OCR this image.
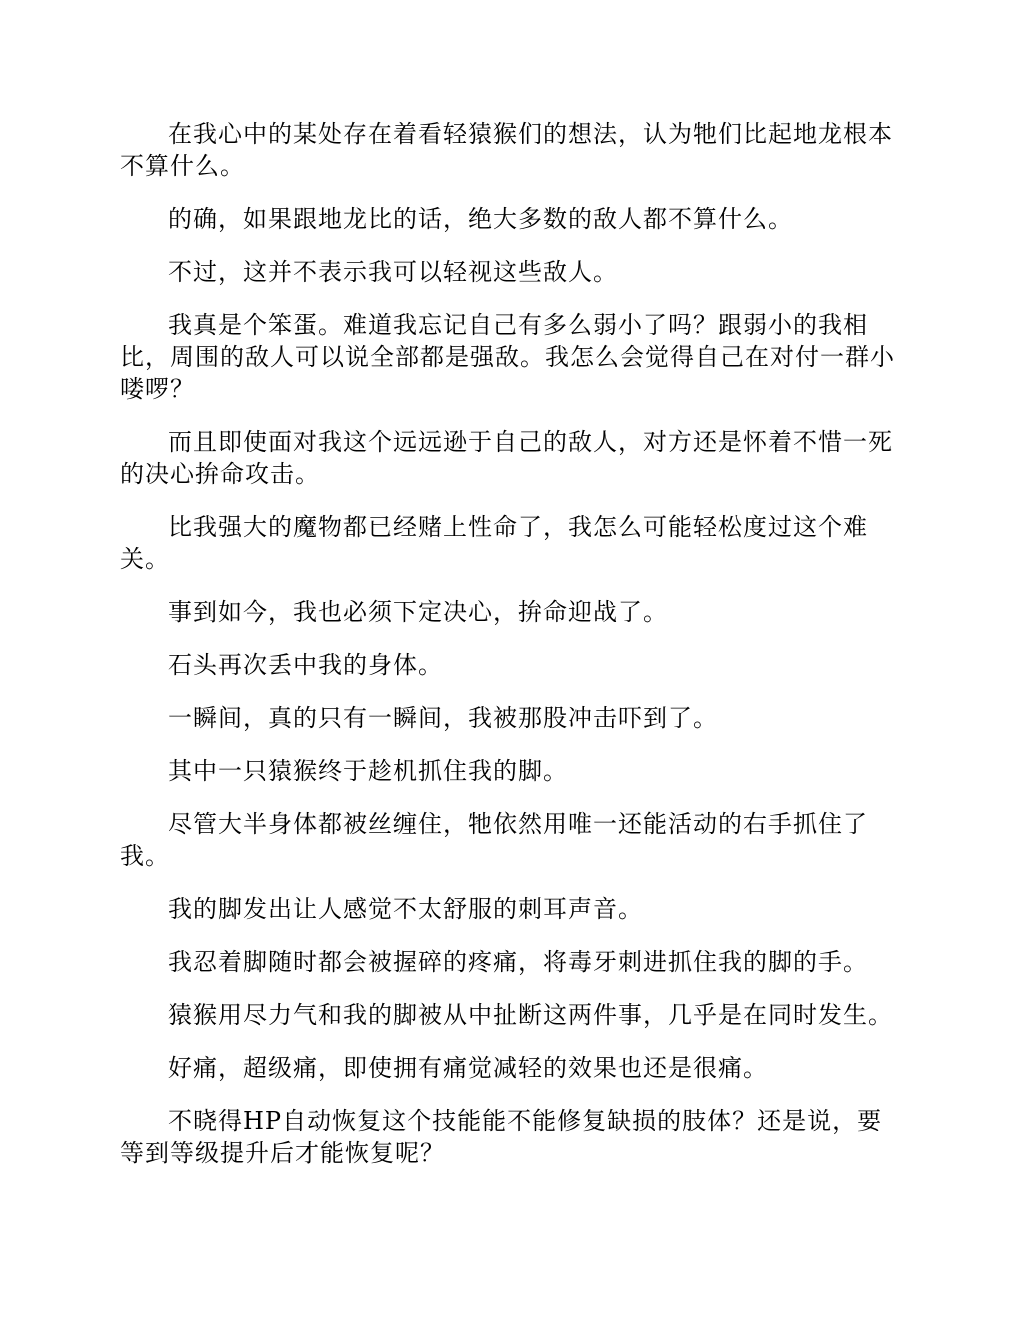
在我心中的某处存在着看轻猿猴们的想法，认为牠们比起地龙根本不算什么。

的确，如果跟地龙比的话，绝大多数的敌人都不算什么。

不过，这并不表示我可以轻视这些敌人。

我真是个笨蛋。难道我忘记自己有多么弱小了吗？跟弱小的我相比，周围的敌人可以说全部都是强敌。我怎么会觉得自己在对付一群小喽啰？

而且即使面对我这个远远逊于自己的敌人，对方还是怀着不惜一死的决心拚命攻击。

比我强大的魔物都已经赌上性命了，我怎么可能轻松度过这个难关。

事到如今，我也必须下定决心，拚命迎战了。

石头再次丢中我的身体。

一瞬间，真的只有一瞬间，我被那股冲击吓到了。

其中一只猿猴终于趁机抓住我的脚。

尽管大半身体都被丝缠住，牠依然用唯一还能活动的右手抓住了我。

我的脚发出让人感觉不太舒服的刺耳声音。

我忍着脚随时都会被握碎的疼痛，将毒牙刺进抓住我的脚的手。

猿猴用尽力气和我的脚被从中扯断这两件事，几乎是在同时发生。

好痛，超级痛，即使拥有痛觉减轻的效果也还是很痛。

不晓得HP自动恢复这个技能能不能修复缺损的肢体？还是说，要等到等级提升后才能恢复呢？
